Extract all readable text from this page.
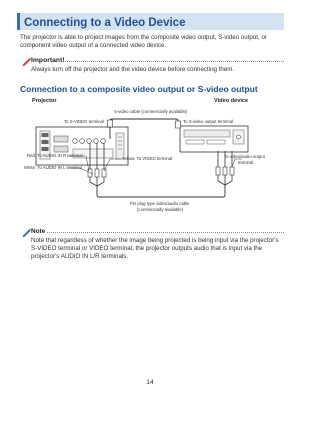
Connecting to a Video Device
The projector is able to project images from the composite video output, S-video output, or component video output of a connected video device.
Important!
Always turn off the projector and the video device before connecting them.
Connection to a composite video output or S-video output
Projector	Video device
S-video cable (commercially available)
To S-VIDEO terminal	To S-video output terminal
Red: To AUDIO IN R terminal
White: To AUDIO IN L terminal
Yellow: To VIDEO terminal	To video/audio output
terminal
Pin plug type video/audio cable
(commercially available)
Note
Note that regardless of whether the image being projected is being input via the projector's S-VIDEO terminal or VIDEO terminal, the projector outputs audio that is input via the projector's AUDIO IN L/R terminals.
14
